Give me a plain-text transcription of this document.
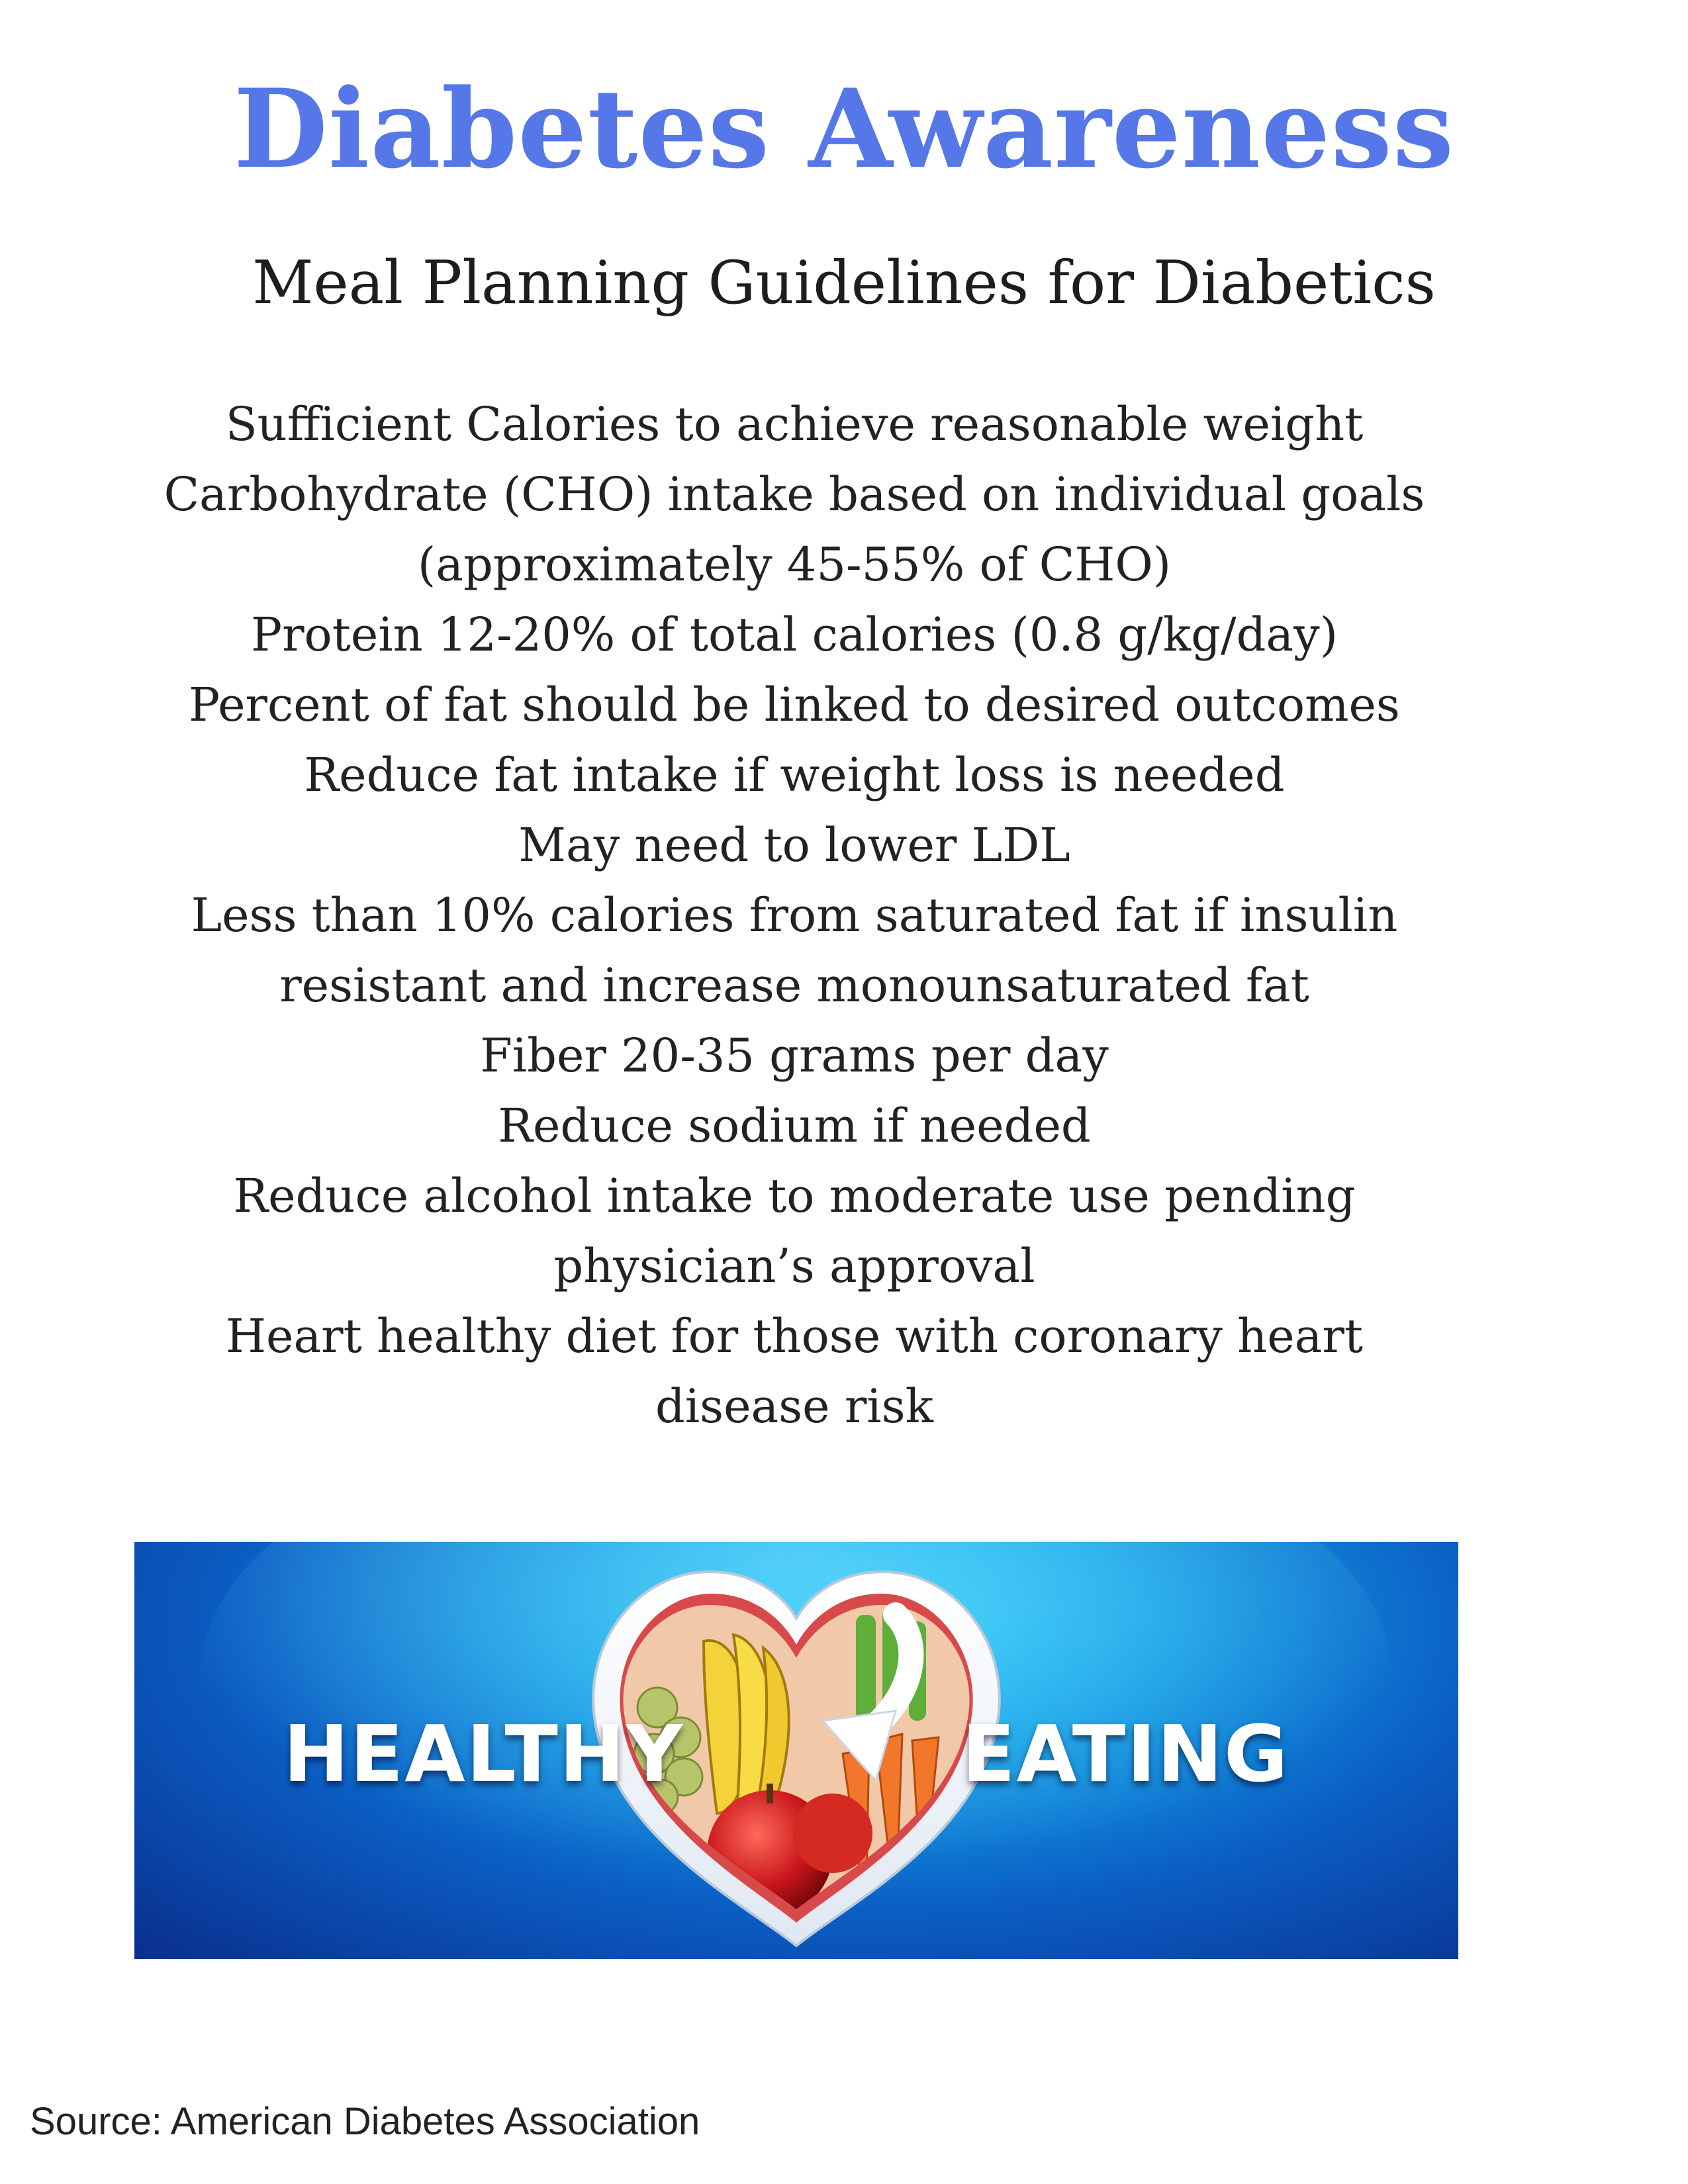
Diabetes Awareness
Meal Planning Guidelines for Diabetics
Sufficient Calories to achieve reasonable weight
Carbohydrate (CHO) intake based on individual goals
(approximately 45-55% of CHO)
Protein 12-20% of total calories (0.8 g/kg/day)
Percent of fat should be linked to desired outcomes
Reduce fat intake if weight loss is needed
May need to lower LDL
Less than 10% calories from saturated fat if insulin
resistant and increase monounsaturated fat
Fiber 20-35 grams per day
Reduce sodium if needed
Reduce alcohol intake to moderate use pending
physician’s approval
Heart healthy diet for those with coronary heart
disease risk
HEALTHY	EATING
Source: American Diabetes Association
